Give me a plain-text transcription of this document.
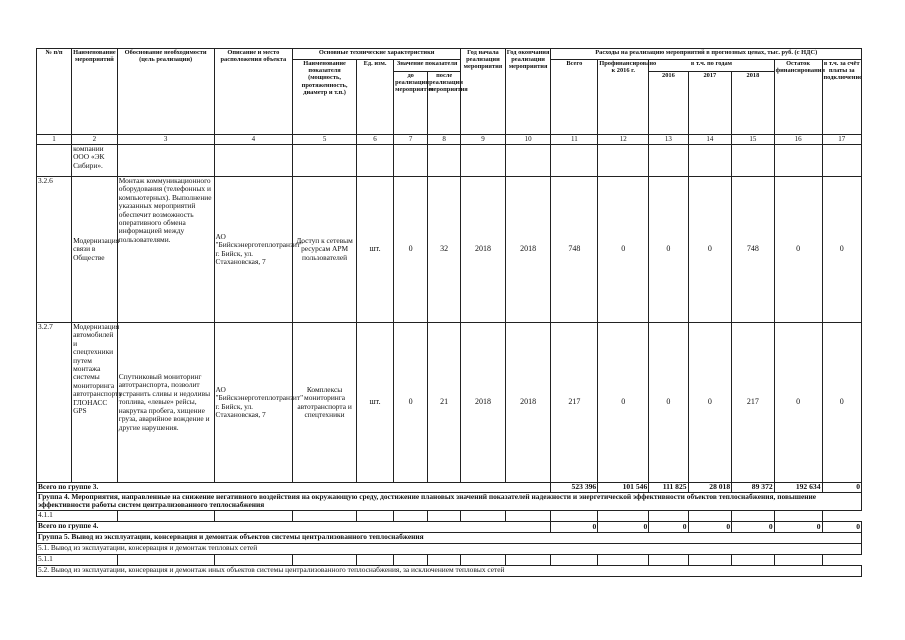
№ п/п	Наименование мероприятий	Обоснование необходимости (цель реализации)	Описание и место расположения объекта	Основные технические характеристики				Год начала реализации мероприятия	Год окончания реализации мероприятия	Расходы на реализацию мероприятий в прогнозных ценах, тыс. руб. (с НДС)						
				Наименование показателя (мощность, протяженность, диаметр и т.п.)	Ед. изм.	Значение показателя				Всего	Профинансировано к 2016 г.	в т.ч. по годам			Остаток финансирования	в т.ч. за счёт платы за подключение
						до реализации мероприятия	после реализации мероприятия					2016	2017	2018		
1	2	3	4	5	6	7	8	9	10	11	12	13	14	15	16	17
	компании ООО «ЭК Сибири».															
3.2.6	Модернизация связи в Обществе	Монтаж коммуникационного оборудования (телефонных и компьютерных). Выполнение указанных мероприятий обеспечит возможность оперативного обмена информацией между пользователями.	АО "Бийскэнерготеплотранзит" г. Бийск, ул. Стахановская, 7	Доступ к сетевым ресурсам АРМ пользователей	шт.	0	32	2018	2018	748	0	0	0	748	0	0
3.2.7	Модернизация автомобилей и спецтехники путем монтажа системы мониторинга автотранспорта ГЛОНАСС GPS	Спутниковый мониторинг автотранспорта, позволит устранить сливы и недоливы топлива, «левые» рейсы, накрутка пробега, хищение груза, аварийное вождение и другие нарушения.	АО "Бийскэнерготеплотранзит" г. Бийск, ул. Стахановская, 7	Комплексы мониторинга автотранспорта и спецтехники	шт.	0	21	2018	2018	217	0	0	0	217	0	0
Всего по группе 3.										523 396	101 546	111 825	28 018	89 372	192 634	0
Группа 4. Мероприятия, направленные на снижение негативного воздействия на окружающую среду, достижение плановых значений показателей надежности и энергетической эффективности объектов теплоснабжения, повышение эффективности работы систем централизованного теплоснабжения																
4.1.1																
Всего по группе 4.										0	0	0	0	0	0	0
Группа 5. Вывод из эксплуатации, консервация и демонтаж объектов системы централизованного теплоснабжения																
5.1. Вывод из эксплуатации, консервация и демонтаж тепловых сетей																
5.1.1																
5.2. Вывод из эксплуатации, консервация и демонтаж иных объектов системы централизованного теплоснабжения, за исключением тепловых сетей																
